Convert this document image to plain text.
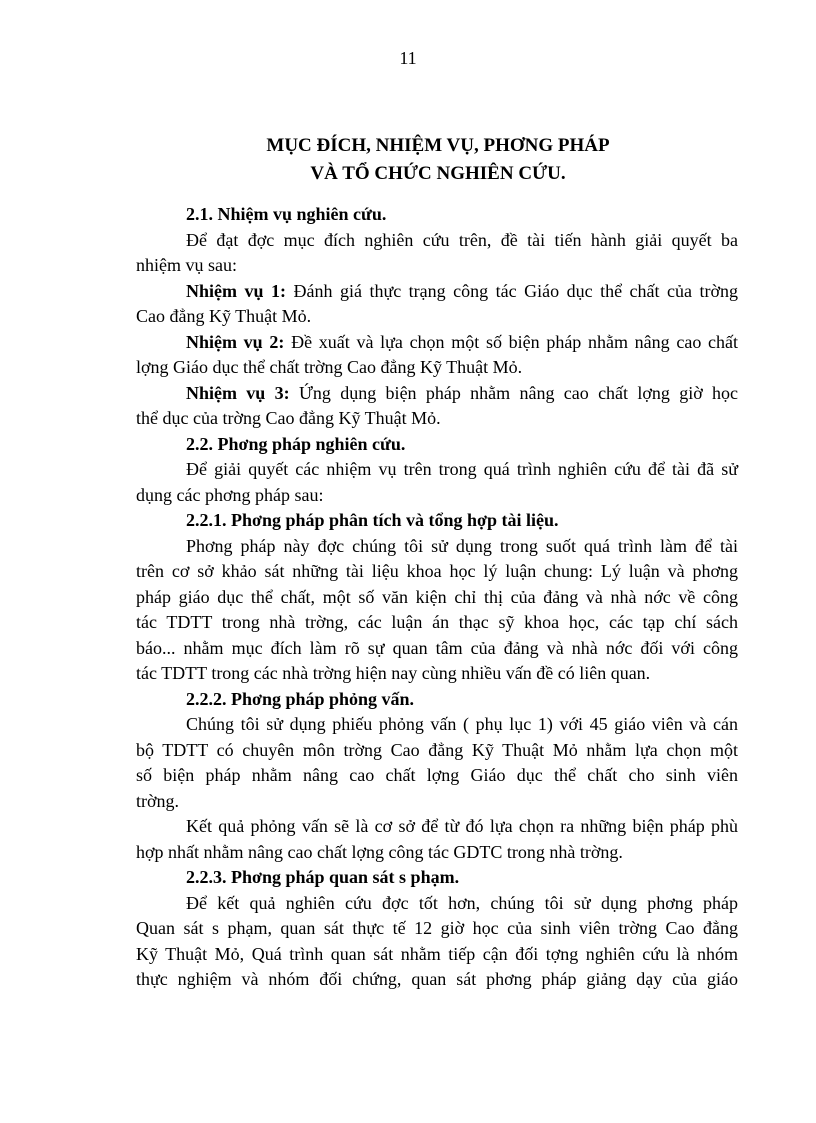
11
MỤC ĐÍCH, NHIỆM VỤ, PHƠNG PHÁP
VÀ TỔ CHỨC NGHIÊN CỨU.
2.1. Nhiệm vụ nghiên cứu.
Để đạt đợc mục đích nghiên cứu trên, đề tài tiến hành giải quyết ba
nhiệm vụ sau:
Nhiệm vụ 1: Đánh giá thực trạng công tác Giáo dục thể chất của trờng
Cao đẳng Kỹ Thuật Mỏ.
Nhiệm vụ 2: Đề xuất và lựa chọn một số biện pháp nhằm nâng cao chất
lợng Giáo dục thể chất trờng Cao đẳng Kỹ Thuật Mỏ.
Nhiệm vụ 3: Ứng dụng biện pháp nhằm nâng cao chất lợng giờ học
thể dục của trờng Cao đẳng Kỹ Thuật Mỏ.
2.2. Phơng pháp nghiên cứu.
Để giải quyết các nhiệm vụ trên trong quá trình nghiên cứu để tài đã sử
dụng các phơng pháp sau:
2.2.1. Phơng pháp phân tích và tổng hợp tài liệu.
Phơng pháp này đợc chúng tôi sử dụng trong suốt quá trình làm để tài
trên cơ sở khảo sát những tài liệu khoa học lý luận chung: Lý luận và phơng
pháp giáo dục thể chất, một số văn kiện chỉ thị của đảng và nhà nớc về công
tác TDTT trong nhà trờng, các luận án thạc sỹ khoa học, các tạp chí sách
báo... nhằm mục đích làm rõ sự quan tâm của đảng và nhà nớc đối với công
tác TDTT trong các nhà trờng hiện nay cùng nhiều vấn đề có liên quan.
2.2.2. Phơng pháp phỏng vấn.
Chúng tôi sử dụng phiếu phỏng vấn ( phụ lục 1) với 45 giáo viên và cán
bộ TDTT có chuyên môn trờng Cao đẳng Kỹ Thuật Mỏ nhằm lựa chọn một
số biện pháp nhằm nâng cao chất lợng Giáo dục thể chất cho sinh viên
trờng.
Kết quả phỏng vấn sẽ là cơ sở để từ đó lựa chọn ra những biện pháp phù
hợp nhất nhằm nâng cao chất lợng công tác GDTC trong nhà trờng.
2.2.3. Phơng pháp quan sát s phạm.
Để kết quả nghiên cứu đợc tốt hơn, chúng tôi sử dụng phơng pháp
Quan sát s phạm, quan sát thực tế 12 giờ học của sinh viên trờng Cao đẳng
Kỹ Thuật Mỏ, Quá trình quan sát nhằm tiếp cận đối tợng nghiên cứu là nhóm
thực nghiệm và nhóm đối chứng, quan sát phơng pháp giảng dạy của giáo
